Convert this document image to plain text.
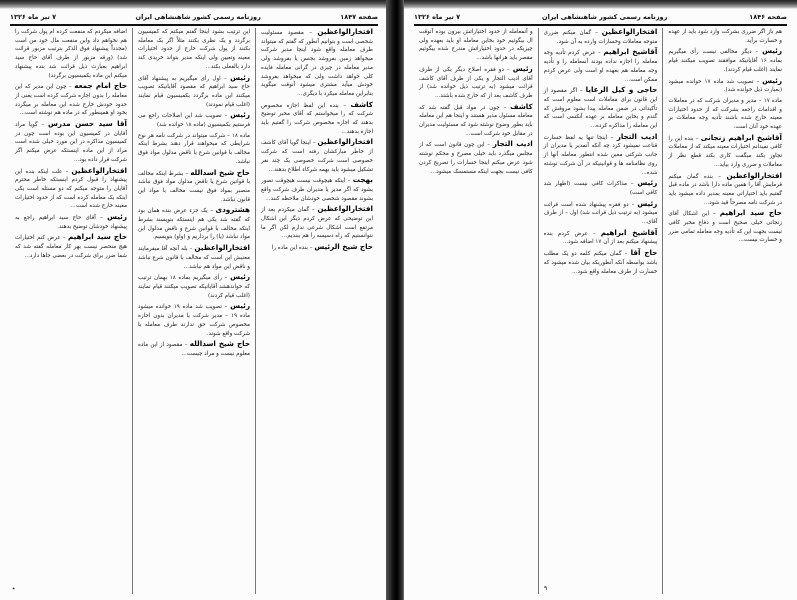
صفحه ۱۸۴۷
روزنامه رسمی کشور شاهنشاهی ایران
۷ تیر ماه ۱۳۲۶
افتخارالواعظین – مقصود مسئولیت شخصی است و بنوانیم آنطور که گفتم که میتواند طرف معامله واقع شود اینجا مدیر شرکت میخواهد زمین بفروشد بجنس یا بفروشد ولی مدیر معامله در چیزی در گرانی معامله فایده کلی خواهد داشت ولی که میخواهد بفروشد خودش میآید مشتری میشود آنوقت میگوید بنابراین معامله میکرد با دیگری...
کاشف – بنده این لفظ اجازه مخصوص شرکت که را میخواستم که آقای مخبر توضیح بدهند که اجازه مخصوص شرکت را گفتیم باید اجازه بدهند...
افتخارالواعظین – اینجا گویا آقای کاشف از خاطر مبارکشان رفته است که شرکت خصوصی است شرکت خصوصی یک چند نفر تشکیل میشود باید بهمه شرکاء اطلاع بدهند...
بهجت – اینکه هیچوقت نیست هیچوقت تصور بشود که اگر مدیر یا مدیران طرف شرکت واقع بشوند مقصود شخصی خودشان ملاحظه کنند...
افتخارالواعظین – گمان میکردم بعد از این توضیحی که عرض کردم دیگر این اشکال مرتفع است اشکال شرعی ندارم لکن اگر ما نتوانستیم که راه دسیسه را هم ببندیم...
حاج شیخ الرئیس – بنده این ماده را
این ترتیب بشود اینجا گفتم میکنم که کمیسیون برگردد و یک نظری بکنند مثلاً اگر یک معامله بکنند از پول شرکت خارج از حدود اختیارات معینه وتعیین ولی اینکه مدیر بتواند خریدی کند دارد بالفعلی بکند...
رئیس – اول رأی میگیریم به پیشنهاد آقای حاج سید ابراهیم که مقصود آقایانیکه تصویب میکنند این ماده برگردد بکمیسیون قیام نمایند (اغلب قیام نمودند)
رئیس – تصویب شد این اصلاحات راجع می فرستیم بکمیسیون (ماده ۱۸ خوانده شد)
ماده ۱۸ – شرکت میتواند در شرکت نامه هر نوع شرایطی که میخواهند قرار دهند بشرط اینکه مخالف با قوانین شرع یا ناقض مدلول مواد فوق نباشد.
حاج شیخ اسدالله – بشرط اینکه مخالف با قوانین شرع یا ناقض مدلول مواد فوق نباشد منصبر بمواد فوق نیست مخالف با مواد این قانون نباشد.
هشترودی – یک جزء عرض بنده همان بود که گفته شد یکی هم اینستکه بنویسند بشرط اینکه مخالف با قوانین شرع و ناقض مدلول این مواد نباشد (یا) را برداریم و (واو) بنویسیم.
افتخارالواعظین – بله آنچه آقا میفرمایند معنیش این است که مخالف با قانون شرع نباشد و ناقض این مواد هم نباشد...
رئیس – رأی میگیریم بماده ۱۸ بهمان ترتیب که خواندهشد آقایانیکه تصویب میکنند قیام نمایند (اغلب قیام کردند)
رئیس – تصویب شد ماده ۱۹ خوانده میشود ماده ۱۹ – مدیر شرکت یا مدیران بدون اجازه مخصوص شرکت حق ندارند طرف معامله با شرکت واقع شوند.
حاج شیخ اسدالله – مقصود از این ماده معلوم نیست و مراد چیست...
اضافه میکردم که منفعت کرده ام پول شرکت را هم نخواهم داد واین منفعت مال خود من است (مجدداً پیشنهاد فوق الذکر بترتیب مزبور قرائت شد) (ورقه مزبور از طرف آقای حاج سید ابراهیم بعبارت ذیل قرائت شد بنده پیشنهاد میکنم این ماده بکمیسیون برگردد)
حاج امام جمعه – چون این مدیر که این معامله را بدون اجازه شرکت کرده است یعنی از حدود خودش خارج شده این معامله بر میگردد بخود او همینطور که در ماده هم نوشته است...
آقا سید حسن مدرس – گویا مراد آقایان در کمیسیون این بوده است چون در کمیسیون مذاکره در این مورد خیلی شده است مراد از این ماده اینستکه عرض میکنم اگر شرکت قرار داده بود...
افتخارالواعظین – علت اینکه بنده این پیشنهاد را قبول کردم اینستکه خاطر محترم آقایان را متوجه میکنم که دو مسئله است یکی اینکه یک معامله کرده است که از حدود اختیارات معینه خارج شده است...
رئیس – آقای حاج سید ابراهیم راجع به پیشنهاد خودشان توضیح بدهند.
حاج سید ابراهیم – عرض کنم اختیارات هیچ منحصر نیست بهر کار معامله گفته شد که شما ضرر برای شرکت در بعضی جاها دارد...
٭
صفحه ۱۸۴۶
روزنامه رسمی کشور شاهنشاهی ایران
۷ تیر ماه ۱۳۲۶
هم باز اگر ضرری بشرکت وارد شود باید از عهده و خسارت برآید.
رئیس – دیگر مخالفی نیست رأی میگیریم بماده ۱۶ آقایانیکه موافقند تصویب میکنند قیام نمایند (اغلب قیام کردند).
رئیس – تصویب شد ماده ۱۷ خوانده میشود (بعبارت ذیل خوانده شد).
ماده ۱۷ – مدیر و مدیران شرکت که در معاملات و اقدامات راجعه بشرکت که از حدود اختیارات معینه خارج شده باشند تأدیه وجه معاملات بر عهده خود آنان است.
آقاشیخ ابراهیم زنجانی – بنده این را کافی نمیدانم اختیارات معینه میکند که از معاملات تجاوز بکند میگفت کاری بکند قطع نظر از معاملات و ضرری وارد بیاید...
افتخارالواعظین – بنده گمان میکنم فرمایش آقا را همین ماده دارا باشد در ماده قبل گفتیم باید اختیاراتی معینه بمدیر داده میشود باید در شرکت نامه مصرحاً قید شود...
حاج سید ابراهیم – این اشکال آقای زنجانی خیلی صحیح است و دفاع مخبر کافی نیست بجهت این که تأدیه وجه معامله تمامی ضرر و خسارت نیست...
افتخارالواعظین – گمان میکنم ضرری متوجه معاملات وخسارات وارده به آن شود.
آقاشیخ ابراهیم – عرض کردم تأدیه وجه معامله را اجازه نداده بودند آنمعامله را و تأدیه وجه معامله هم بعهده او است ولی عرض کردم ممکن است...
حاجی و کیل الرعایا – اگر مقصود از این قانون برای معاملات است معلوم است که تأکیداتی در ضمن معامله پیدا بشود مروقش که گندم و بخاین معامله بر عهده آنکسی است که این معامله را مذاکره کرده...
ادیب التجار – اینجا تنها یه لفظ خسارت قناعت نمیشود کرد چه آنکه آنمدیر یا مدیران از جانب شرکتی معین شده انتطور معامله آنها از روی نظامنامه ها و قوانینیکه در آن شرکت نوشته شده...
رئیس – مذاکرات کافی نیست (اظهار شد کافی است)
رئیس – دو فقره پیشنهاد شده است قرائت میشود (به ترتیب ذیل قرائت شد) اول – از طرف آقای...
آقاشیخ ابراهیم – عرض کردم بنده پیشنهاد میکنم بعد از آن ۱۷ اضافه شود...
حاج آقا – گمان میکنم کلمه دو یک مطلب باشد بواسطه آنکه آنطوریکه بیان شده میشود که خسارت از طرف معامله واقع شود...
و آنمعامله از حدود اختیاراتش بیرون بوده آنوقت ال بیگوئیم خود بخاین معامله او باید بعهده ولی چیزیکه در حدود اختیاراتش مندرج شده بیگوئیم مقصر باید هرانها باشد...
رئیس – دو فقره اصلاح دیگر یکی از طرف آقای ادیب التجار و یکی از طرف آقای کاشف قرائت میشود (به ترتیب ذیل خوانده شد) از طرف کاشف بعد از که خارج شده باشند...
کاشف – چون در مواد قبل گفته شد که معامله مسئول مدیر هستند و اینجا هم این معامله باید بطور وضوح نوشته شود که مسئولیت مدیران در مقابل خود شرکت است...
ادیب التجار – این چون قانون است که از مجلس میگذرد باید خیلی مصرح و محکم نوشته شود عرض میکنم اینجا خسارات را تصریح کردن کافی نیست بجهت اینکه مستمسک میشود...
۹
